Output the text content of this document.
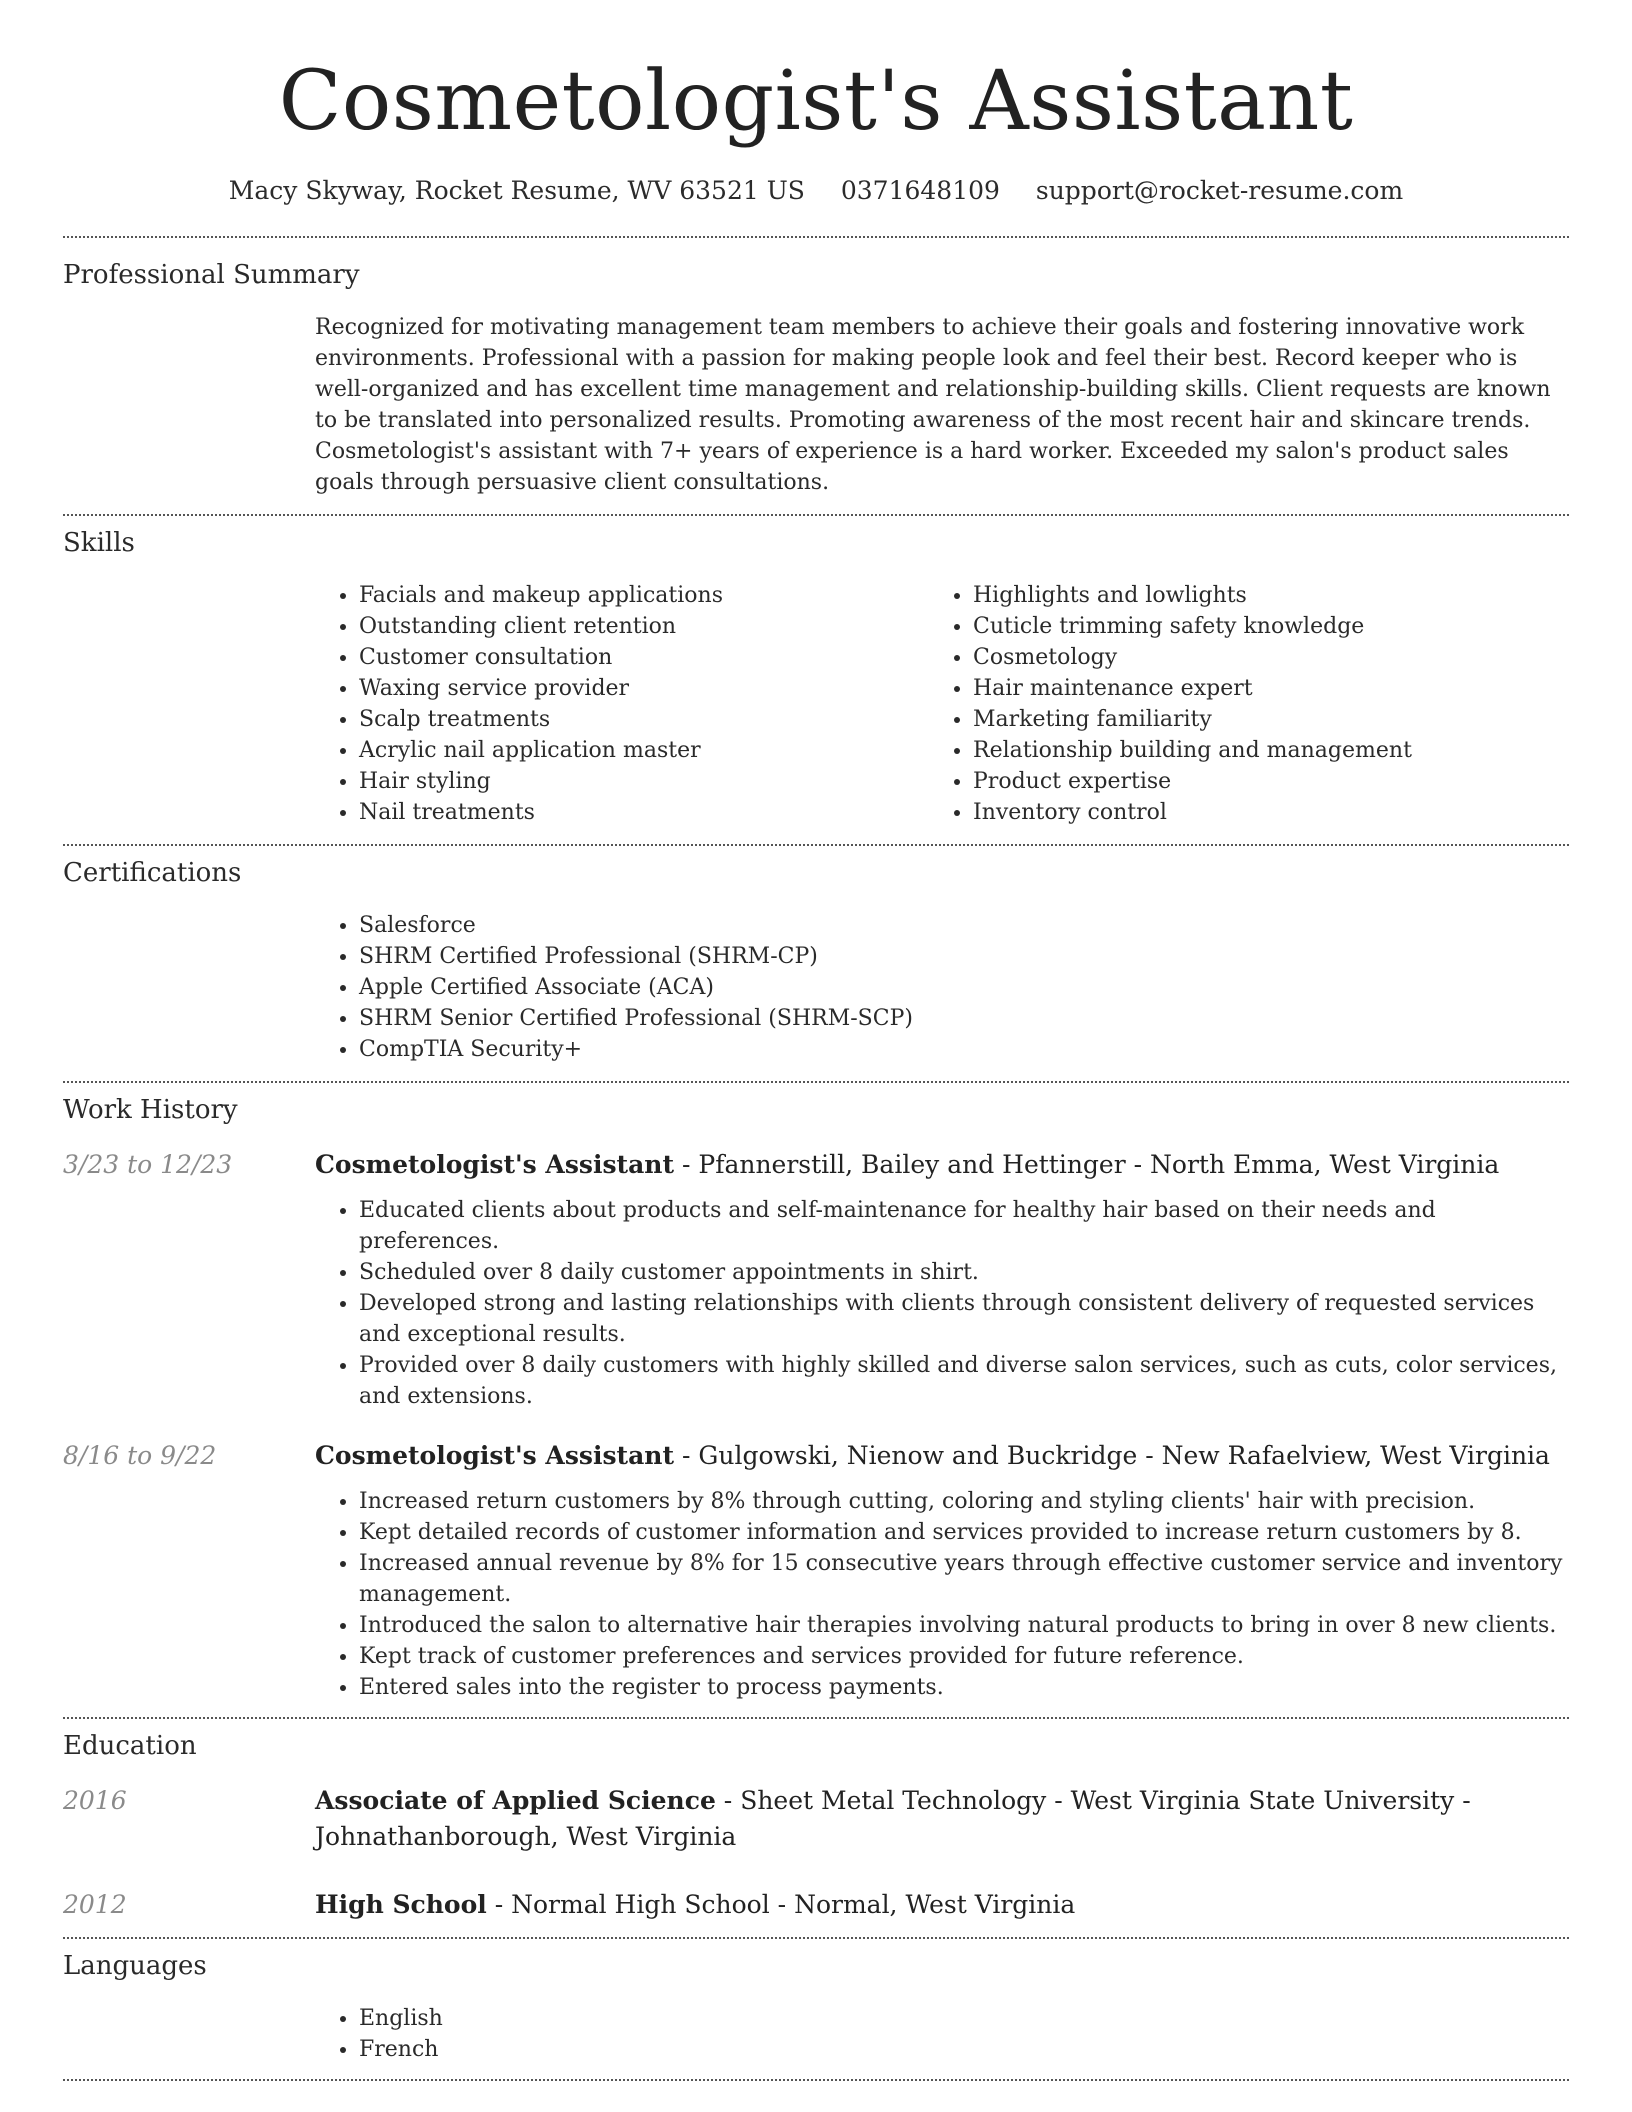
Cosmetologist's Assistant
Macy Skyway, Rocket Resume, WV 63521 US 0371648109 support@rocket-resume.com
Professional Summary

Recognized for motivating management team members to achieve their goals and fostering innovative work environments. Professional with a passion for making people look and feel their best. Record keeper who is well-organized and has excellent time management and relationship-building skills. Client requests are known to be translated into personalized results. Promoting awareness of the most recent hair and skincare trends. Cosmetologist's assistant with 7+ years of experience is a hard worker. Exceeded my salon's product sales goals through persuasive client consultations.

Skills
• Facials and makeup applications
• Outstanding client retention
• Customer consultation
• Waxing service provider
• Scalp treatments
• Acrylic nail application master
• Hair styling
• Nail treatments
• Highlights and lowlights
• Cuticle trimming safety knowledge
• Cosmetology
• Hair maintenance expert
• Marketing familiarity
• Relationship building and management
• Product expertise
• Inventory control
Certifications
• Salesforce
• SHRM Certified Professional (SHRM-CP)
• Apple Certified Associate (ACA)
• SHRM Senior Certified Professional (SHRM-SCP)
• CompTIA Security+
Work History
3/23 to 12/23	Cosmetologist's Assistant - Pfannerstill, Bailey and Hettinger - North Emma, West Virginia
• Educated clients about products and self-maintenance for healthy hair based on their needs and preferences.
• Scheduled over 8 daily customer appointments in shirt.
• Developed strong and lasting relationships with clients through consistent delivery of requested services and exceptional results.
• Provided over 8 daily customers with highly skilled and diverse salon services, such as cuts, color services, and extensions.
8/16 to 9/22	Cosmetologist's Assistant - Gulgowski, Nienow and Buckridge - New Rafaelview, West Virginia
• Increased return customers by 8% through cutting, coloring and styling clients' hair with precision.
• Kept detailed records of customer information and services provided to increase return customers by 8.
• Increased annual revenue by 8% for 15 consecutive years through effective customer service and inventory management.
• Introduced the salon to alternative hair therapies involving natural products to bring in over 8 new clients.
• Kept track of customer preferences and services provided for future reference.
• Entered sales into the register to process payments.
Education
2016	Associate of Applied Science - Sheet Metal Technology - West Virginia State University - Johnathanborough, West Virginia
2012	High School - Normal High School - Normal, West Virginia
Languages
• English
• French
